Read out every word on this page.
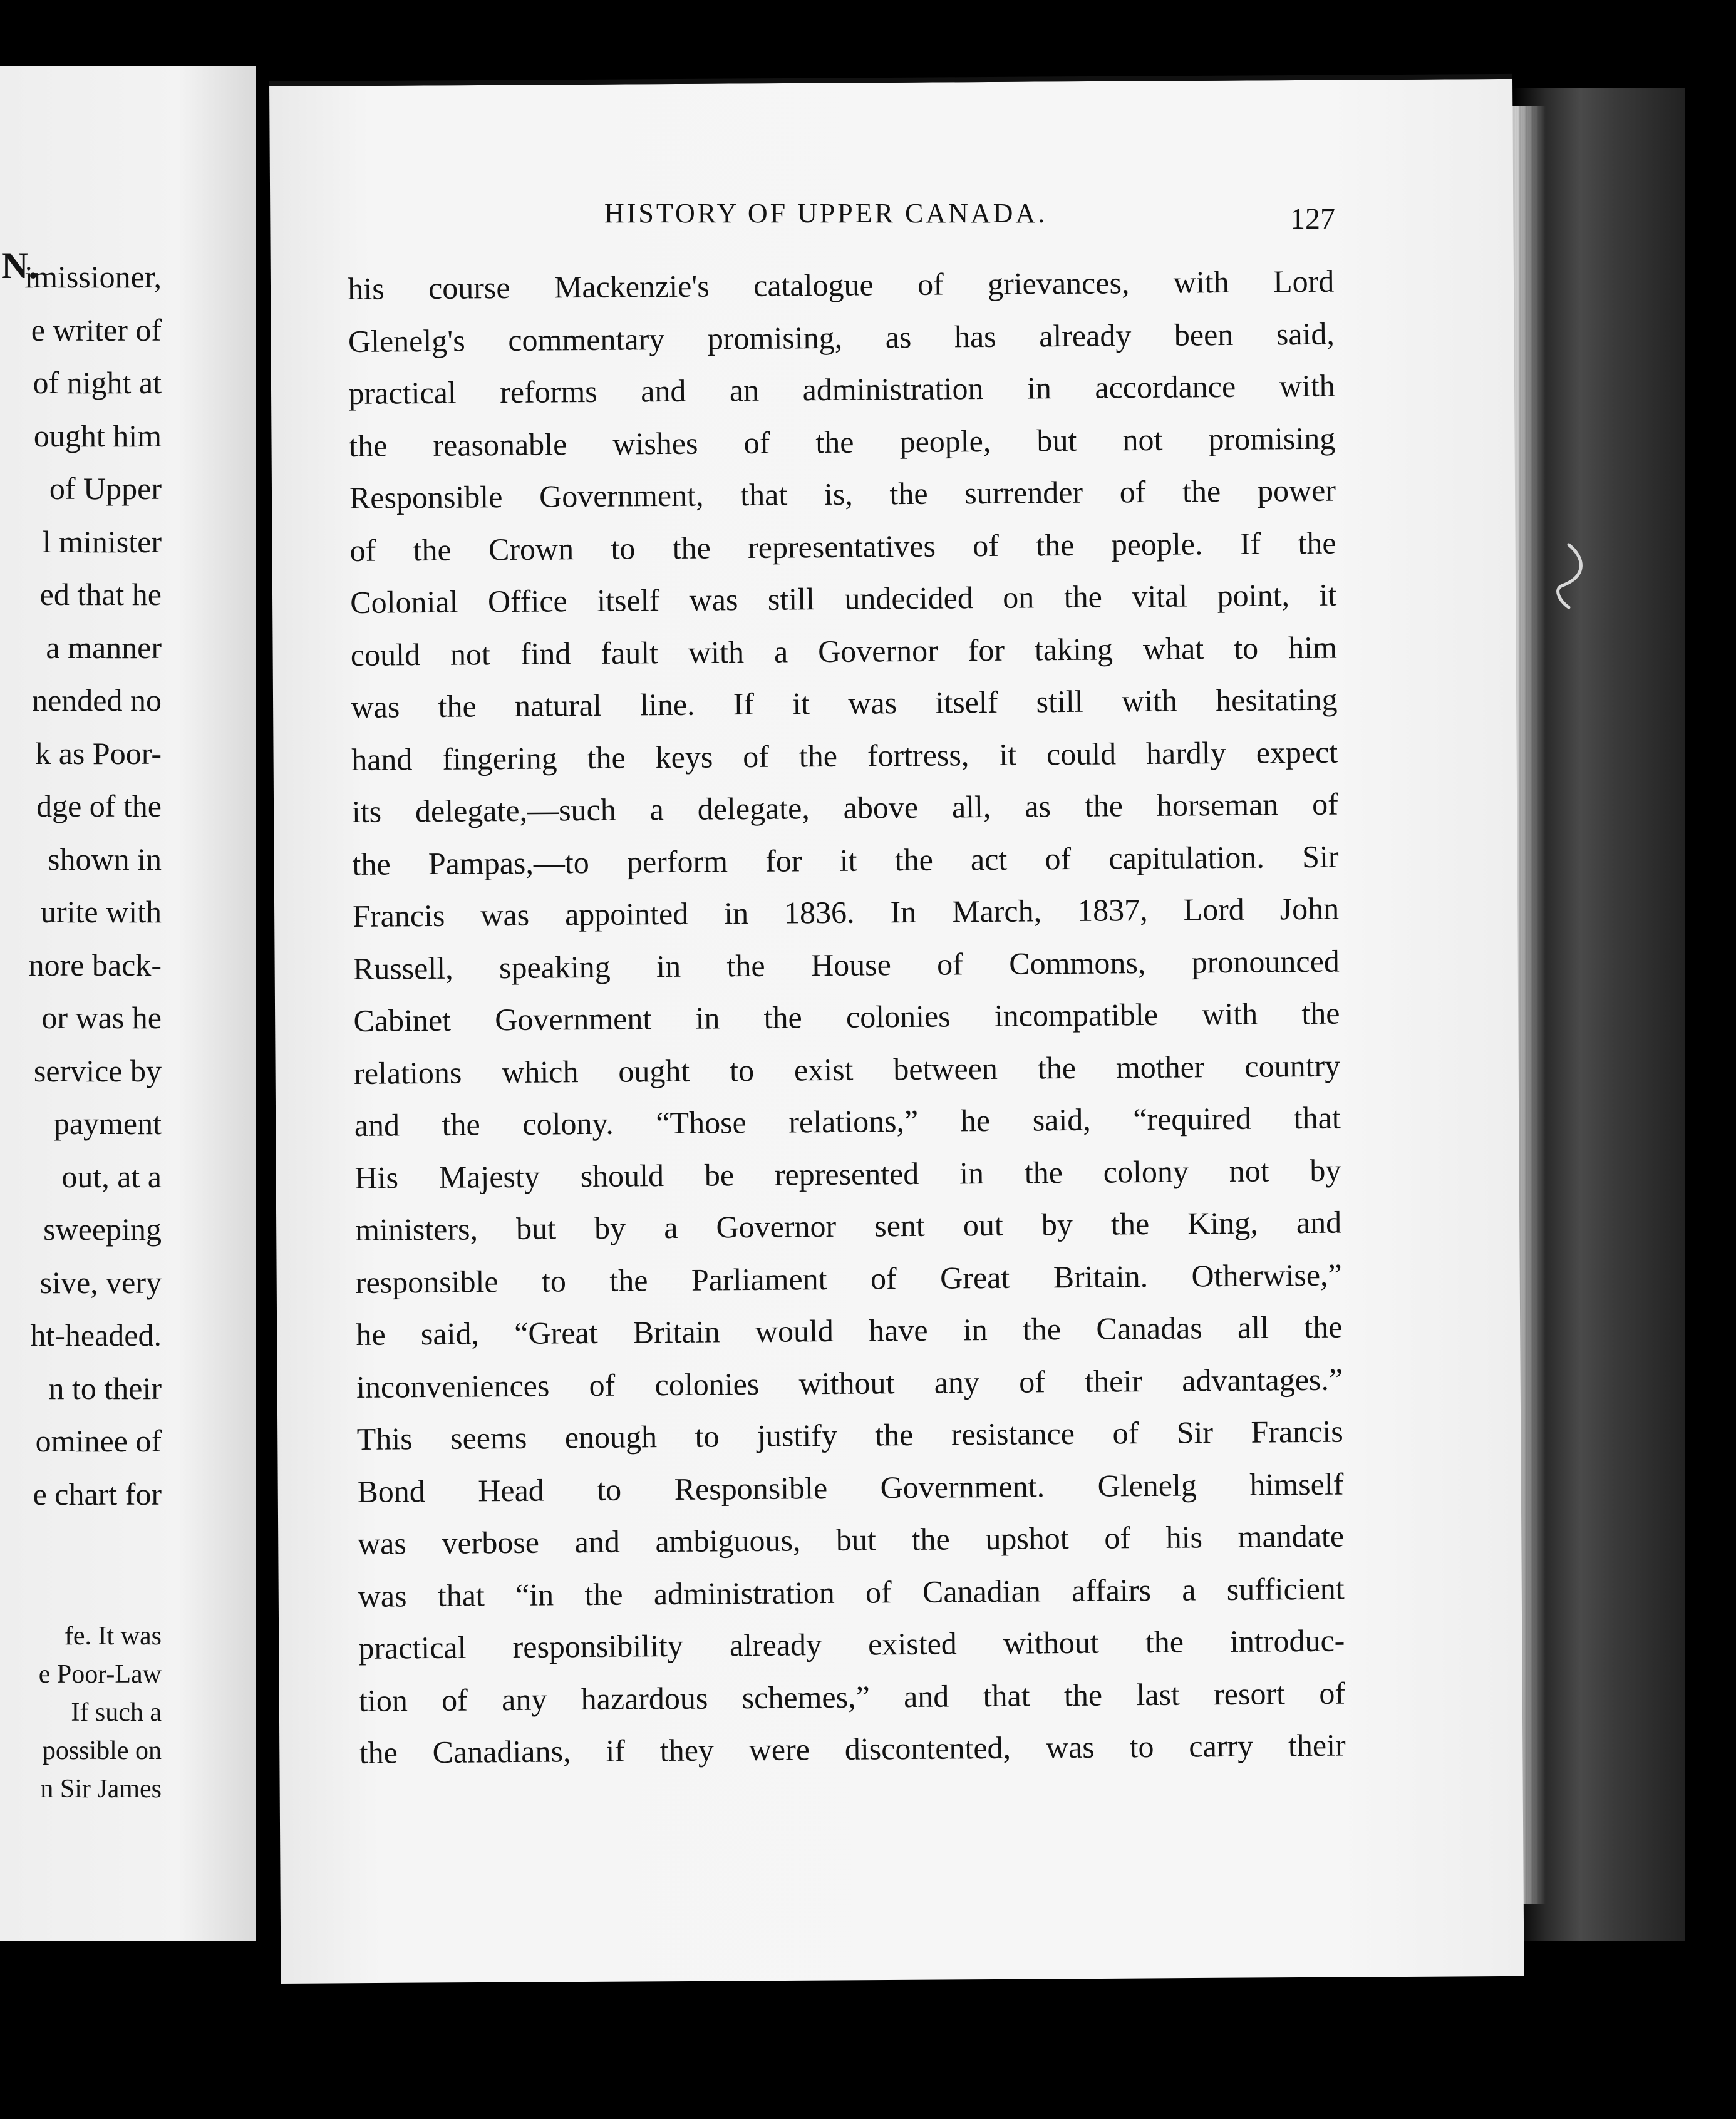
N.

imissioner,
e writer of
of night at
ought him
of Upper
l minister
ed that he
a manner
nended no
k as Poor-
dge of the
shown in
urite with
nore back-
or was he
service by
payment
out, at a
sweeping
sive, very
ht-headed.
n to their
ominee of
e chart for
fe. It was
e Poor-Law
If such a
possible on
n Sir James

HISTORY OF UPPER CANADA.	127

his course Mackenzie's catalogue of grievances, with Lord
Glenelg's commentary promising, as has already been said,
practical reforms and an administration in accordance with
the reasonable wishes of the people, but not promising
Responsible Government, that is, the surrender of the power
of the Crown to the representatives of the people. If the
Colonial Office itself was still undecided on the vital point, it
could not find fault with a Governor for taking what to him
was the natural line. If it was itself still with hesitating
hand fingering the keys of the fortress, it could hardly expect
its delegate,—such a delegate, above all, as the horseman of
the Pampas,—to perform for it the act of capitulation. Sir
Francis was appointed in 1836. In March, 1837, Lord John
Russell, speaking in the House of Commons, pronounced
Cabinet Government in the colonies incompatible with the
relations which ought to exist between the mother country
and the colony. “Those relations,” he said, “required that
His Majesty should be represented in the colony not by
ministers, but by a Governor sent out by the King, and
responsible to the Parliament of Great Britain. Otherwise,”
he said, “Great Britain would have in the Canadas all the
inconveniences of colonies without any of their advantages.”
This seems enough to justify the resistance of Sir Francis
Bond Head to Responsible Government. Glenelg himself
was verbose and ambiguous, but the upshot of his mandate
was that “in the administration of Canadian affairs a sufficient
practical responsibility already existed without the introduc-
tion of any hazardous schemes,” and that the last resort of
the Canadians, if they were discontented, was to carry their
